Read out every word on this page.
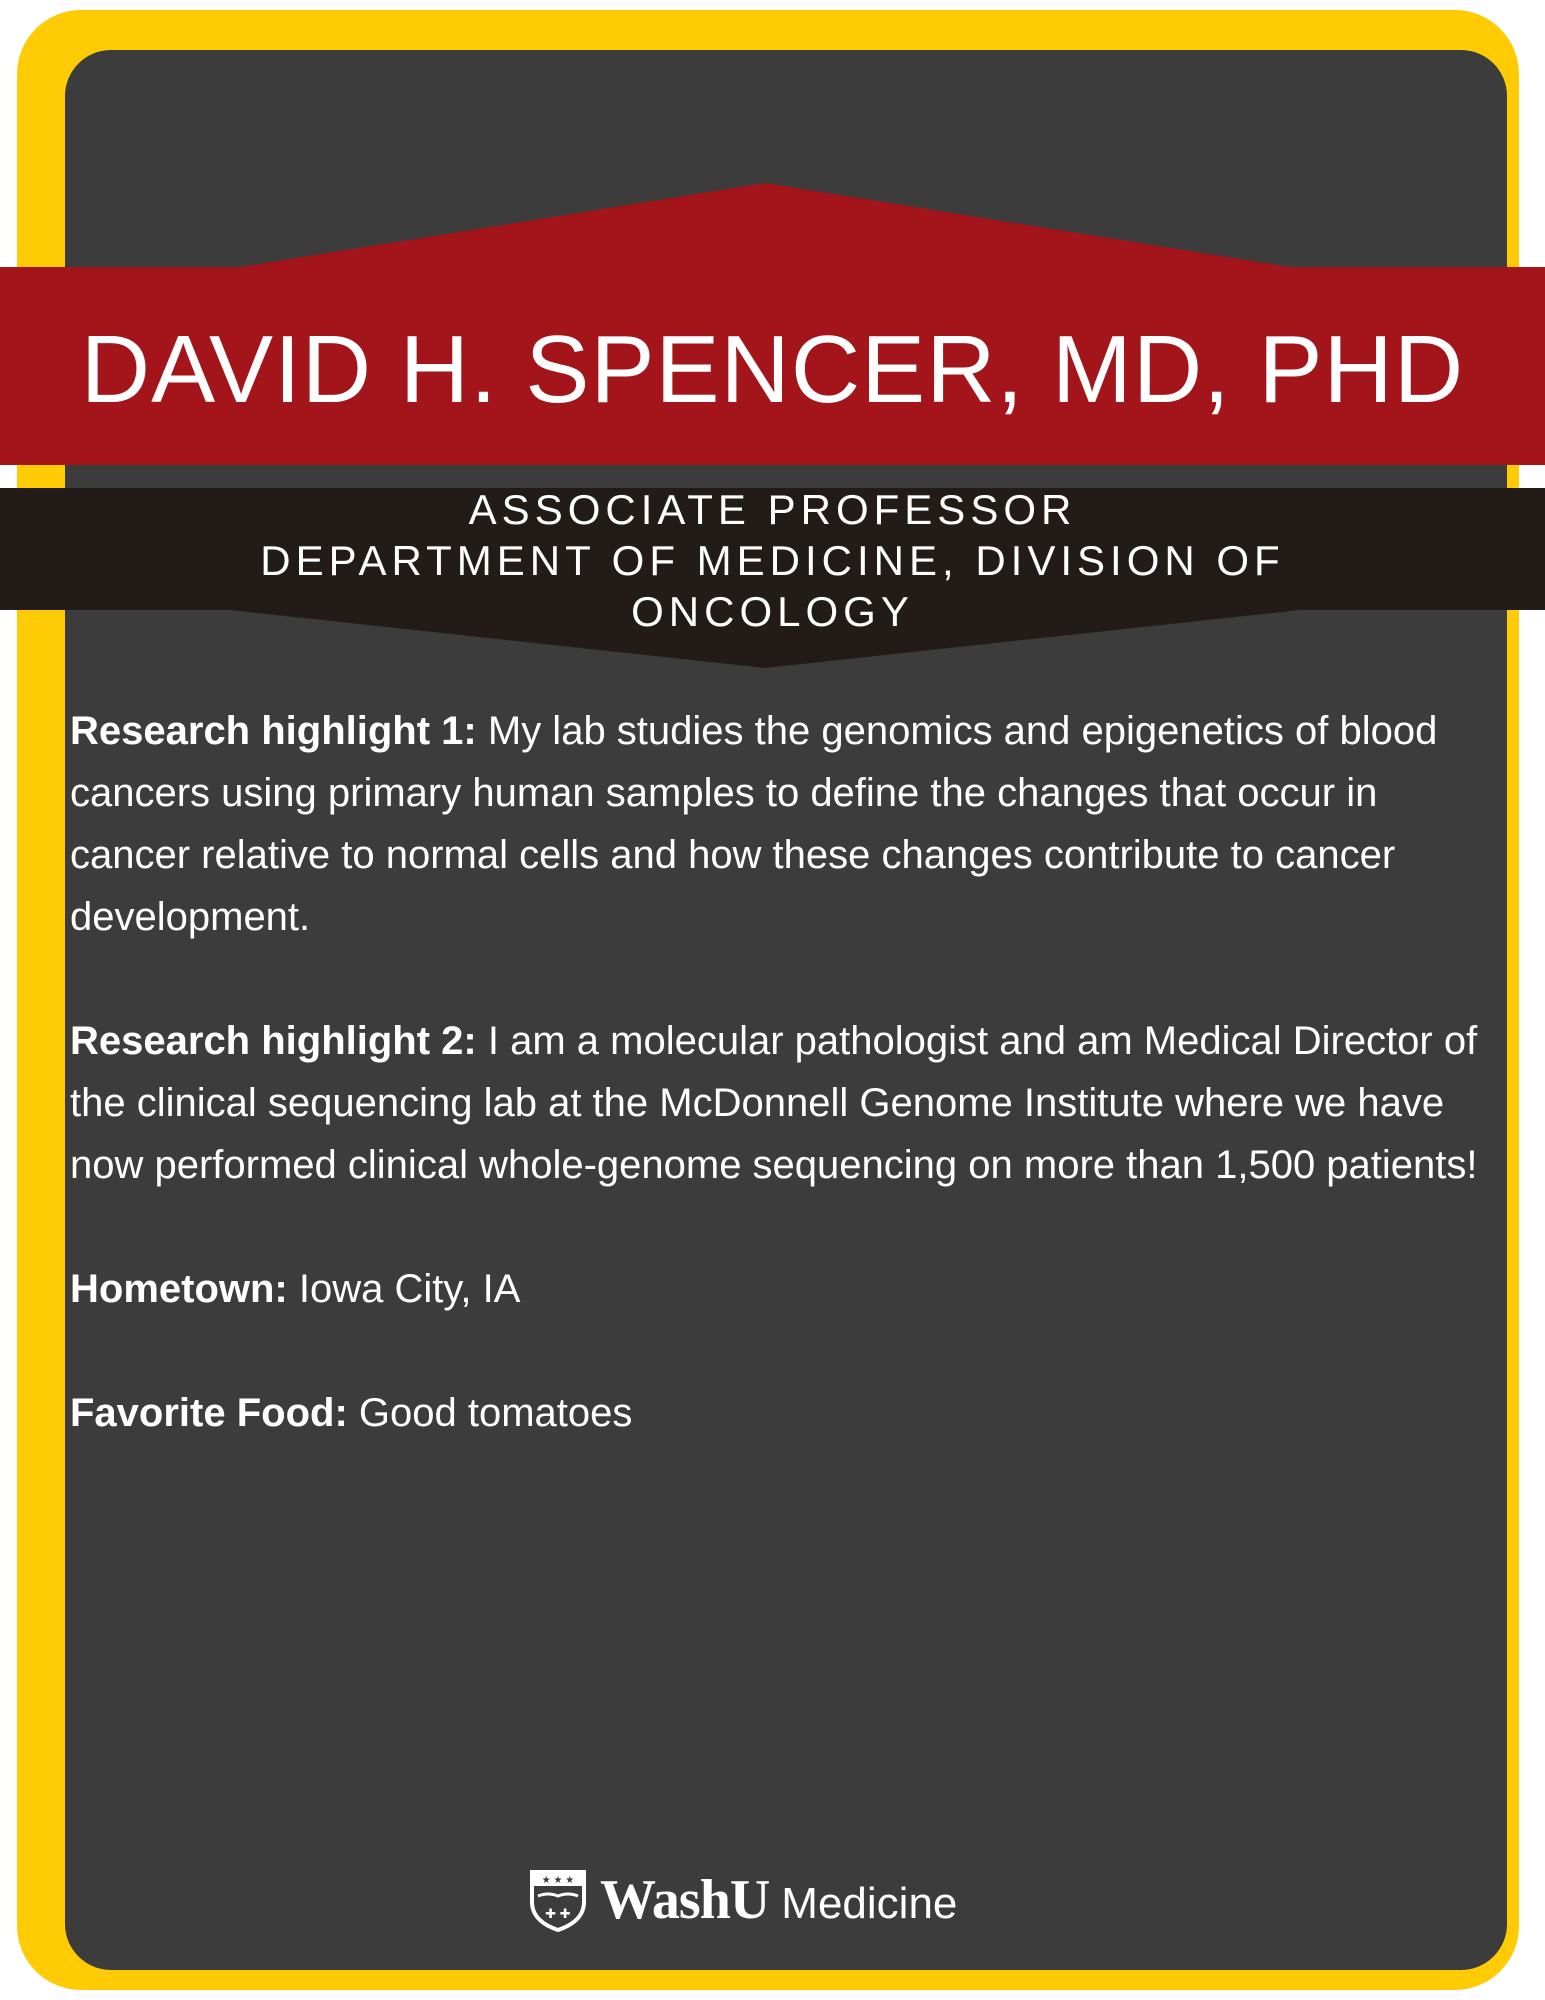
DAVID H. SPENCER, MD, PHD
ASSOCIATE PROFESSOR
DEPARTMENT OF MEDICINE, DIVISION OF
ONCOLOGY

Research highlight 1: My lab studies the genomics and epigenetics of blood cancers using primary human samples to define the changes that occur in cancer relative to normal cells and how these changes contribute to cancer development.

Research highlight 2: I am a molecular pathologist and am Medical Director of the clinical sequencing lab at the McDonnell Genome Institute where we have now performed clinical whole-genome sequencing on more than 1,500 patients!

Hometown: Iowa City, IA

Favorite Food: Good tomatoes

★ ★ ★
✚ ✚ WashU Medicine
